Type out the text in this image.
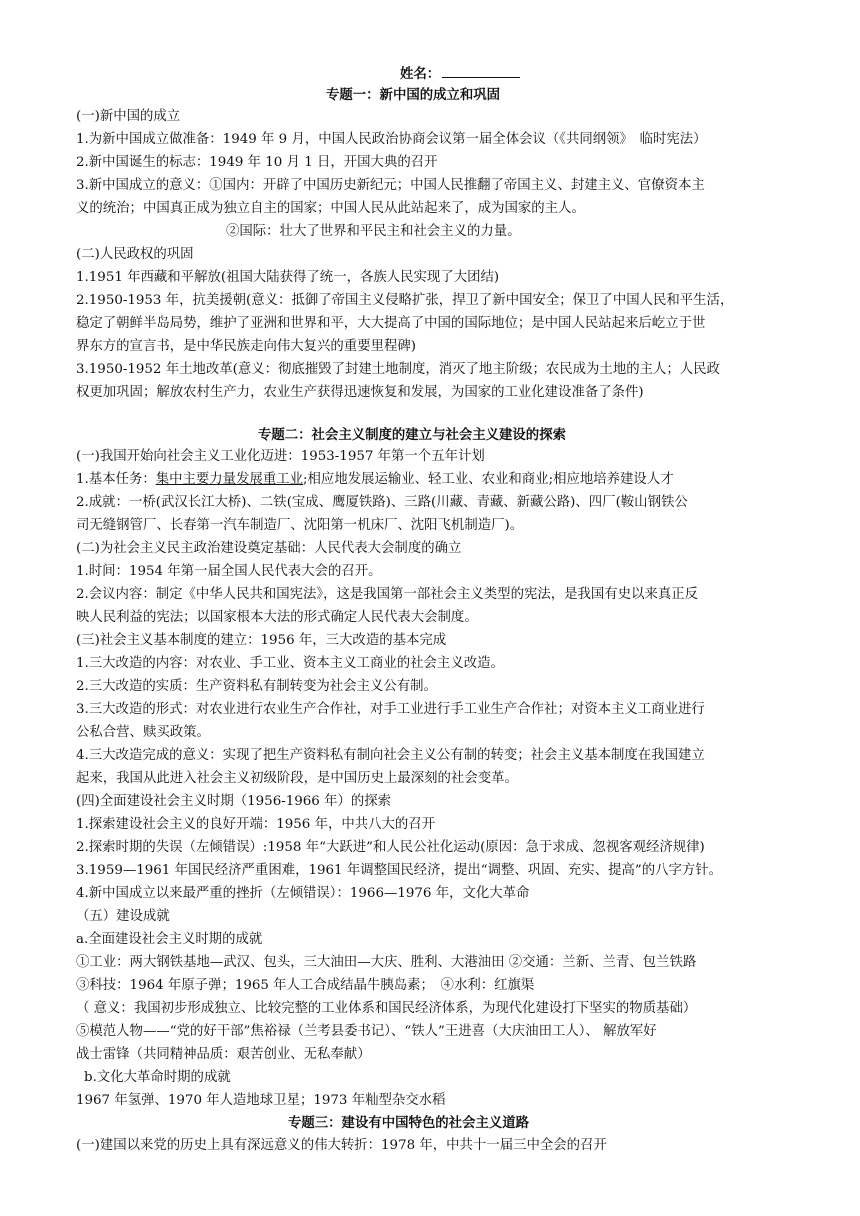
姓名：
专题一：新中国的成立和巩固
(一)新中国的成立
1.为新中国成立做准备：1949 年 9 月，中国人民政治协商会议第一届全体会议（《共同纲领》　临时宪法）
2.新中国诞生的标志：1949 年 10 月 1 日，开国大典的召开
3.新中国成立的意义：①国内：开辟了中国历史新纪元；中国人民推翻了帝国主义、封建主义、官僚资本主
义的统治；中国真正成为独立自主的国家；中国人民从此站起来了，成为国家的主人。
②国际：壮大了世界和平民主和社会主义的力量。
(二)人民政权的巩固
1.1951 年西藏和平解放(祖国大陆获得了统一，各族人民实现了大团结)
2.1950-1953 年，抗美援朝(意义：抵御了帝国主义侵略扩张，捍卫了新中国安全；保卫了中国人民和平生活，
稳定了朝鲜半岛局势，维护了亚洲和世界和平，大大提高了中国的国际地位；是中国人民站起来后屹立于世
界东方的宣言书，是中华民族走向伟大复兴的重要里程碑)
3.1950-1952 年土地改革(意义：彻底摧毁了封建土地制度，消灭了地主阶级；农民成为土地的主人；人民政
权更加巩固；解放农村生产力，农业生产获得迅速恢复和发展，为国家的工业化建设准备了条件)
专题二：社会主义制度的建立与社会主义建设的探索
(一)我国开始向社会主义工业化迈进：1953-1957 年第一个五年计划
1.基本任务：集中主要力量发展重工业;相应地发展运输业、轻工业、农业和商业;相应地培养建设人才
2.成就：一桥(武汉长江大桥)、二铁(宝成、鹰厦铁路)、三路(川藏、青藏、新藏公路)、四厂(鞍山钢铁公
司无缝钢管厂、长春第一汽车制造厂、沈阳第一机床厂、沈阳飞机制造厂)。
(二)为社会主义民主政治建设奠定基础：人民代表大会制度的确立
1.时间：1954 年第一届全国人民代表大会的召开。
2.会议内容：制定《中华人民共和国宪法》，这是我国第一部社会主义类型的宪法，是我国有史以来真正反
映人民利益的宪法；以国家根本大法的形式确定人民代表大会制度。
(三)社会主义基本制度的建立：1956 年，三大改造的基本完成
1.三大改造的内容：对农业、手工业、资本主义工商业的社会主义改造。
2.三大改造的实质：生产资料私有制转变为社会主义公有制。
3.三大改造的形式：对农业进行农业生产合作社，对手工业进行手工业生产合作社；对资本主义工商业进行
公私合营、赎买政策。
4.三大改造完成的意义：实现了把生产资料私有制向社会主义公有制的转变；社会主义基本制度在我国建立
起来，我国从此进入社会主义初级阶段，是中国历史上最深刻的社会变革。
(四)全面建设社会主义时期（1956-1966 年）的探索
1.探索建设社会主义的良好开端：1956 年，中共八大的召开
2.探索时期的失误（左倾错误）:1958 年“大跃进”和人民公社化运动(原因：急于求成、忽视客观经济规律)
3.1959—1961 年国民经济严重困难，1961 年调整国民经济，提出“调整、巩固、充实、提高”的八字方针。
4.新中国成立以来最严重的挫折（左倾错误）：1966—1976 年，文化大革命
（五）建设成就
a.全面建设社会主义时期的成就
①工业：两大钢铁基地—武汉、包头，三大油田—大庆、胜利、大港油田 ②交通：兰新、兰青、包兰铁路
③科技：1964 年原子弹；1965 年人工合成结晶牛胰岛素；　④水利：红旗渠
（ 意义：我国初步形成独立、比较完整的工业体系和国民经济体系，为现代化建设打下坚实的物质基础）
⑤模范人物——“党的好干部”焦裕禄（兰考县委书记）、“铁人”王进喜（大庆油田工人）、 解放军好
战士雷锋（共同精神品质：艰苦创业、无私奉献）
b.文化大革命时期的成就
1967 年氢弹、1970 年人造地球卫星；1973 年籼型杂交水稻
专题三：建设有中国特色的社会主义道路
(一)建国以来党的历史上具有深远意义的伟大转折：1978 年，中共十一届三中全会的召开
